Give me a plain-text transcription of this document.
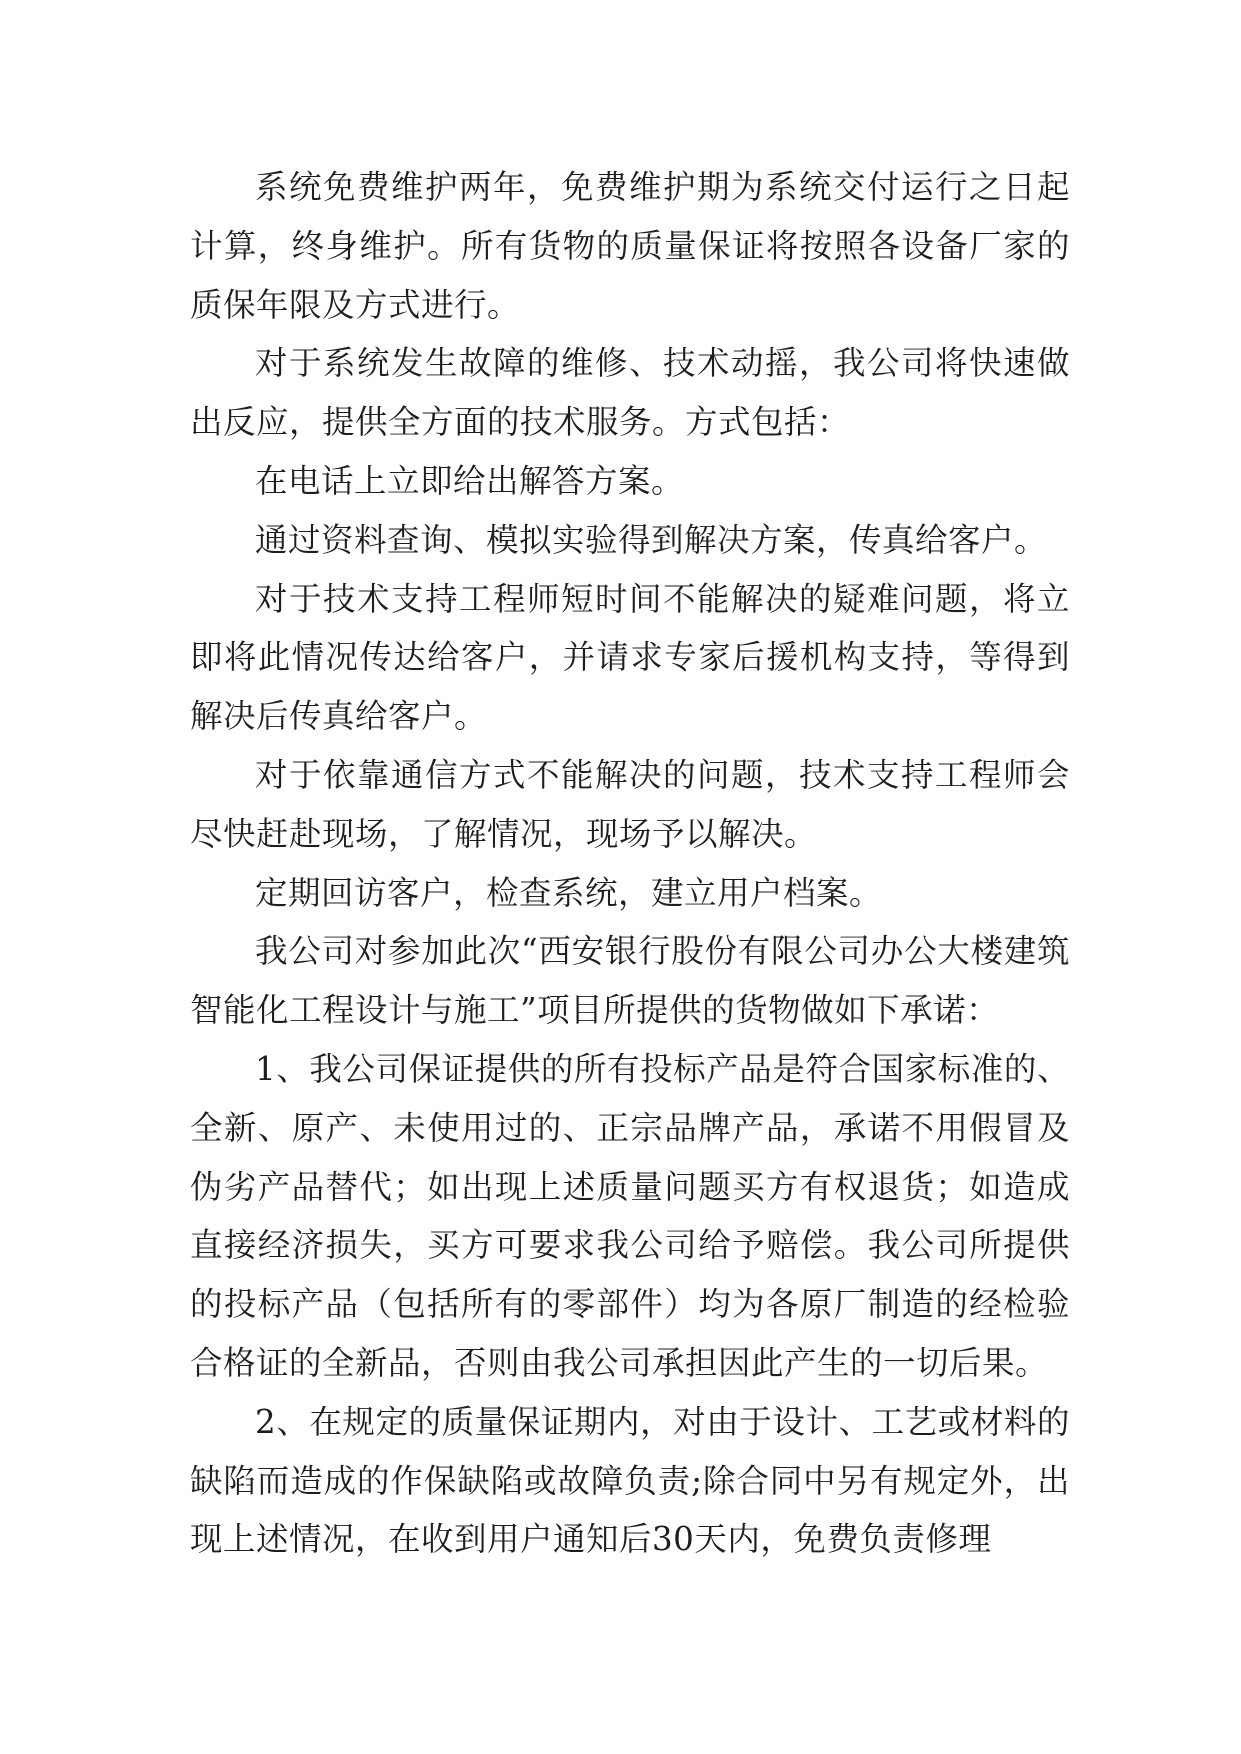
系统免费维护两年，免费维护期为系统交付运行之日起计算，终身维护。所有货物的质量保证将按照各设备厂家的质保年限及方式进行。

对于系统发生故障的维修、技术动摇，我公司将快速做出反应，提供全方面的技术服务。方式包括：

在电话上立即给出解答方案。

通过资料查询、模拟实验得到解决方案，传真给客户。

对于技术支持工程师短时间不能解决的疑难问题，将立即将此情况传达给客户，并请求专家后援机构支持，等得到解决后传真给客户。

对于依靠通信方式不能解决的问题，技术支持工程师会尽快赶赴现场，了解情况，现场予以解决。

定期回访客户，检查系统，建立用户档案。

我公司对参加此次“西安银行股份有限公司办公大楼建筑智能化工程设计与施工”项目所提供的货物做如下承诺：

1、我公司保证提供的所有投标产品是符合国家标准的、全新、原产、未使用过的、正宗品牌产品，承诺不用假冒及伪劣产品替代；如出现上述质量问题买方有权退货；如造成直接经济损失，买方可要求我公司给予赔偿。我公司所提供的投标产品（包括所有的零部件）均为各原厂制造的经检验合格证的全新品，否则由我公司承担因此产生的一切后果。

2、在规定的质量保证期内，对由于设计、工艺或材料的缺陷而造成的作保缺陷或故障负责;除合同中另有规定外，出现上述情况，在收到用户通知后30天内，免费负责修理
